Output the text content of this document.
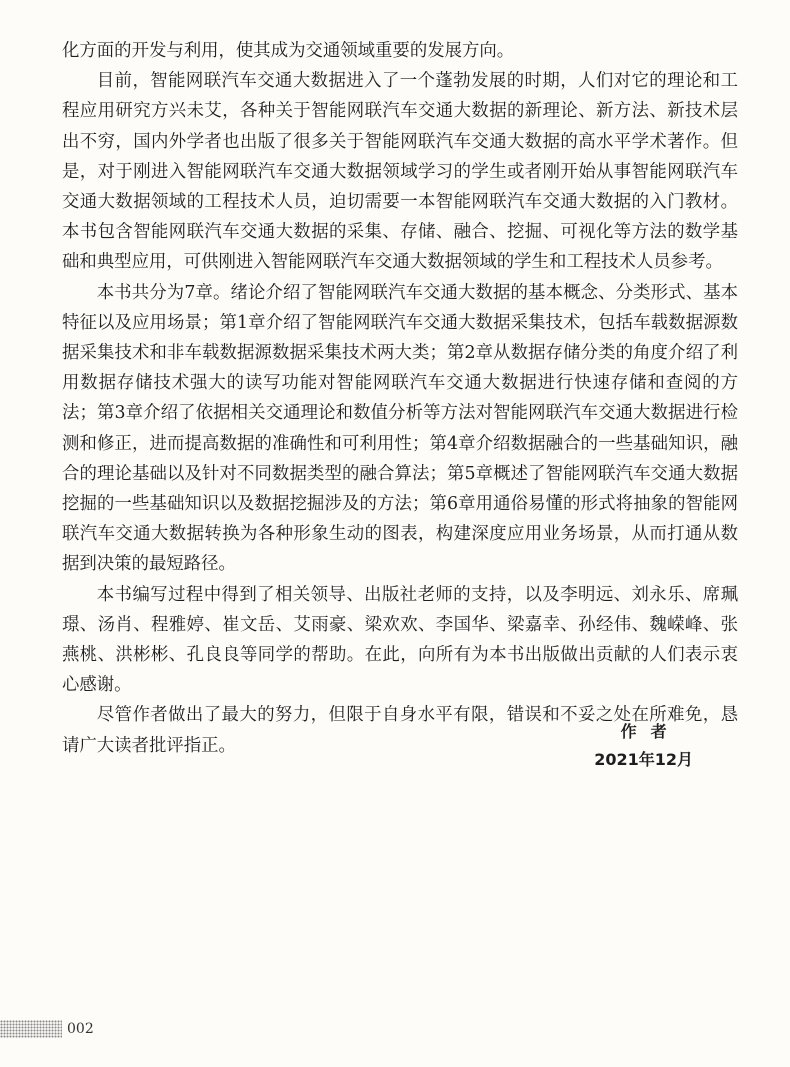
化方面的开发与利用，使其成为交通领域重要的发展方向。

目前，智能网联汽车交通大数据进入了一个蓬勃发展的时期，人们对它的理论和工程应用研究方兴未艾，各种关于智能网联汽车交通大数据的新理论、新方法、新技术层出不穷，国内外学者也出版了很多关于智能网联汽车交通大数据的高水平学术著作。但是，对于刚进入智能网联汽车交通大数据领域学习的学生或者刚开始从事智能网联汽车交通大数据领域的工程技术人员，迫切需要一本智能网联汽车交通大数据的入门教材。本书包含智能网联汽车交通大数据的采集、存储、融合、挖掘、可视化等方法的数学基础和典型应用，可供刚进入智能网联汽车交通大数据领域的学生和工程技术人员参考。

本书共分为7章。绪论介绍了智能网联汽车交通大数据的基本概念、分类形式、基本特征以及应用场景；第1章介绍了智能网联汽车交通大数据采集技术，包括车载数据源数据采集技术和非车载数据源数据采集技术两大类；第2章从数据存储分类的角度介绍了利用数据存储技术强大的读写功能对智能网联汽车交通大数据进行快速存储和查阅的方法；第3章介绍了依据相关交通理论和数值分析等方法对智能网联汽车交通大数据进行检测和修正，进而提高数据的准确性和可利用性；第4章介绍数据融合的一些基础知识，融合的理论基础以及针对不同数据类型的融合算法；第5章概述了智能网联汽车交通大数据挖掘的一些基础知识以及数据挖掘涉及的方法；第6章用通俗易懂的形式将抽象的智能网联汽车交通大数据转换为各种形象生动的图表，构建深度应用业务场景，从而打通从数据到决策的最短路径。

本书编写过程中得到了相关领导、出版社老师的支持，以及李明远、刘永乐、席珮璟、汤肖、程雅婷、崔文岳、艾雨豪、梁欢欢、李国华、梁嘉幸、孙经伟、魏嵘峰、张燕桃、洪彬彬、孔良良等同学的帮助。在此，向所有为本书出版做出贡献的人们表示衷心感谢。

尽管作者做出了最大的努力，但限于自身水平有限，错误和不妥之处在所难免，恳请广大读者批评指正。

作者
2021年12月
002
